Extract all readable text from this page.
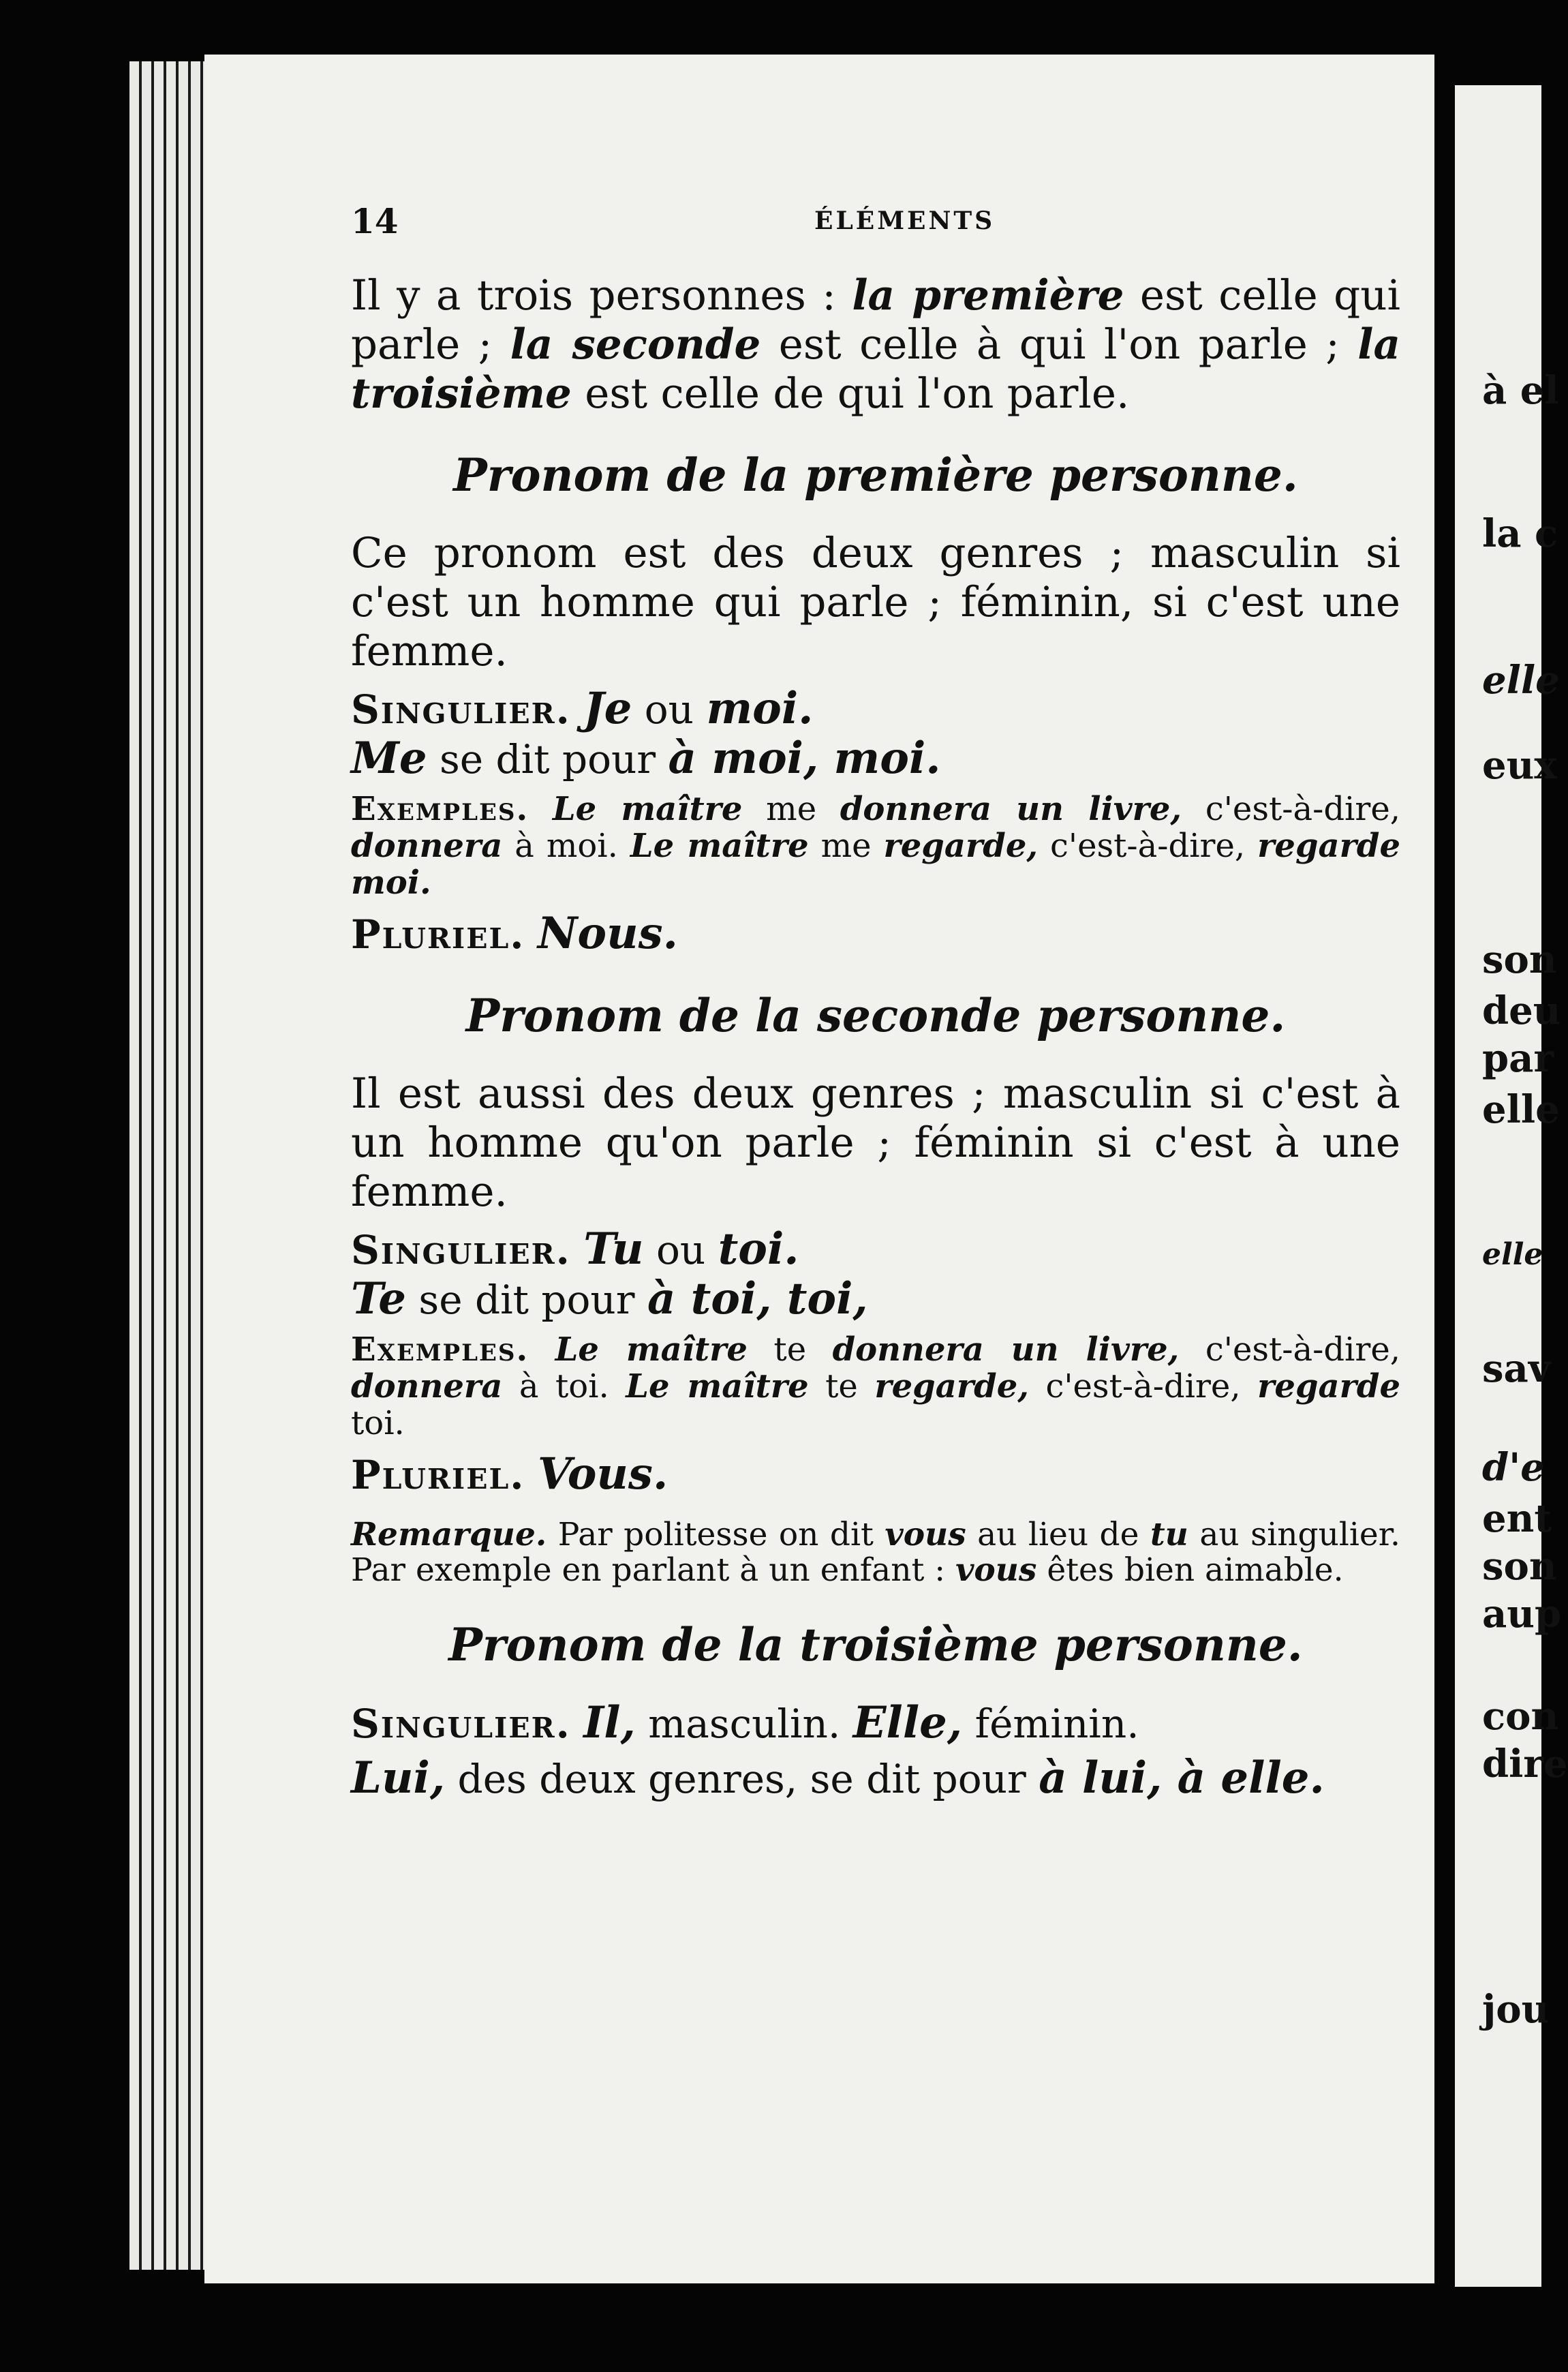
14	ÉLÉMENTS

Il y a trois personnes : la première est celle qui parle ; la seconde est celle à qui l'on parle ; la troisième est celle de qui l'on parle.

Pronom de la première personne.

Ce pronom est des deux genres ; masculin si c'est un homme qui parle ; féminin, si c'est une femme.

Singulier. Je ou moi.

Me se dit pour à moi, moi.

Exemples. Le maître me donnera un livre, c'est-à-dire, donnera à moi. Le maître me regarde, c'est-à-dire, regarde moi.

Pluriel. Nous.

Pronom de la seconde personne.

Il est aussi des deux genres ; masculin si c'est à un homme qu'on parle ; féminin si c'est à une femme.

Singulier. Tu ou toi.

Te se dit pour à toi, toi,

Exemples. Le maître te donnera un livre, c'est-à-dire, donnera à toi. Le maître te regarde, c'est-à-dire, regarde toi.

Pluriel. Vous.

Remarque. Par politesse on dit vous au lieu de tu au singulier. Par exemple en parlant à un enfant : vous êtes bien aimable.

Pronom de la troisième personne.

Singulier. Il, masculin. Elle, féminin.

Lui, des deux genres, se dit pour à lui, à elle.

à el
la c
elle
eux
son
deu
par
elle
elle
sav
d'e
ent
son
aup
con
dire
jou
